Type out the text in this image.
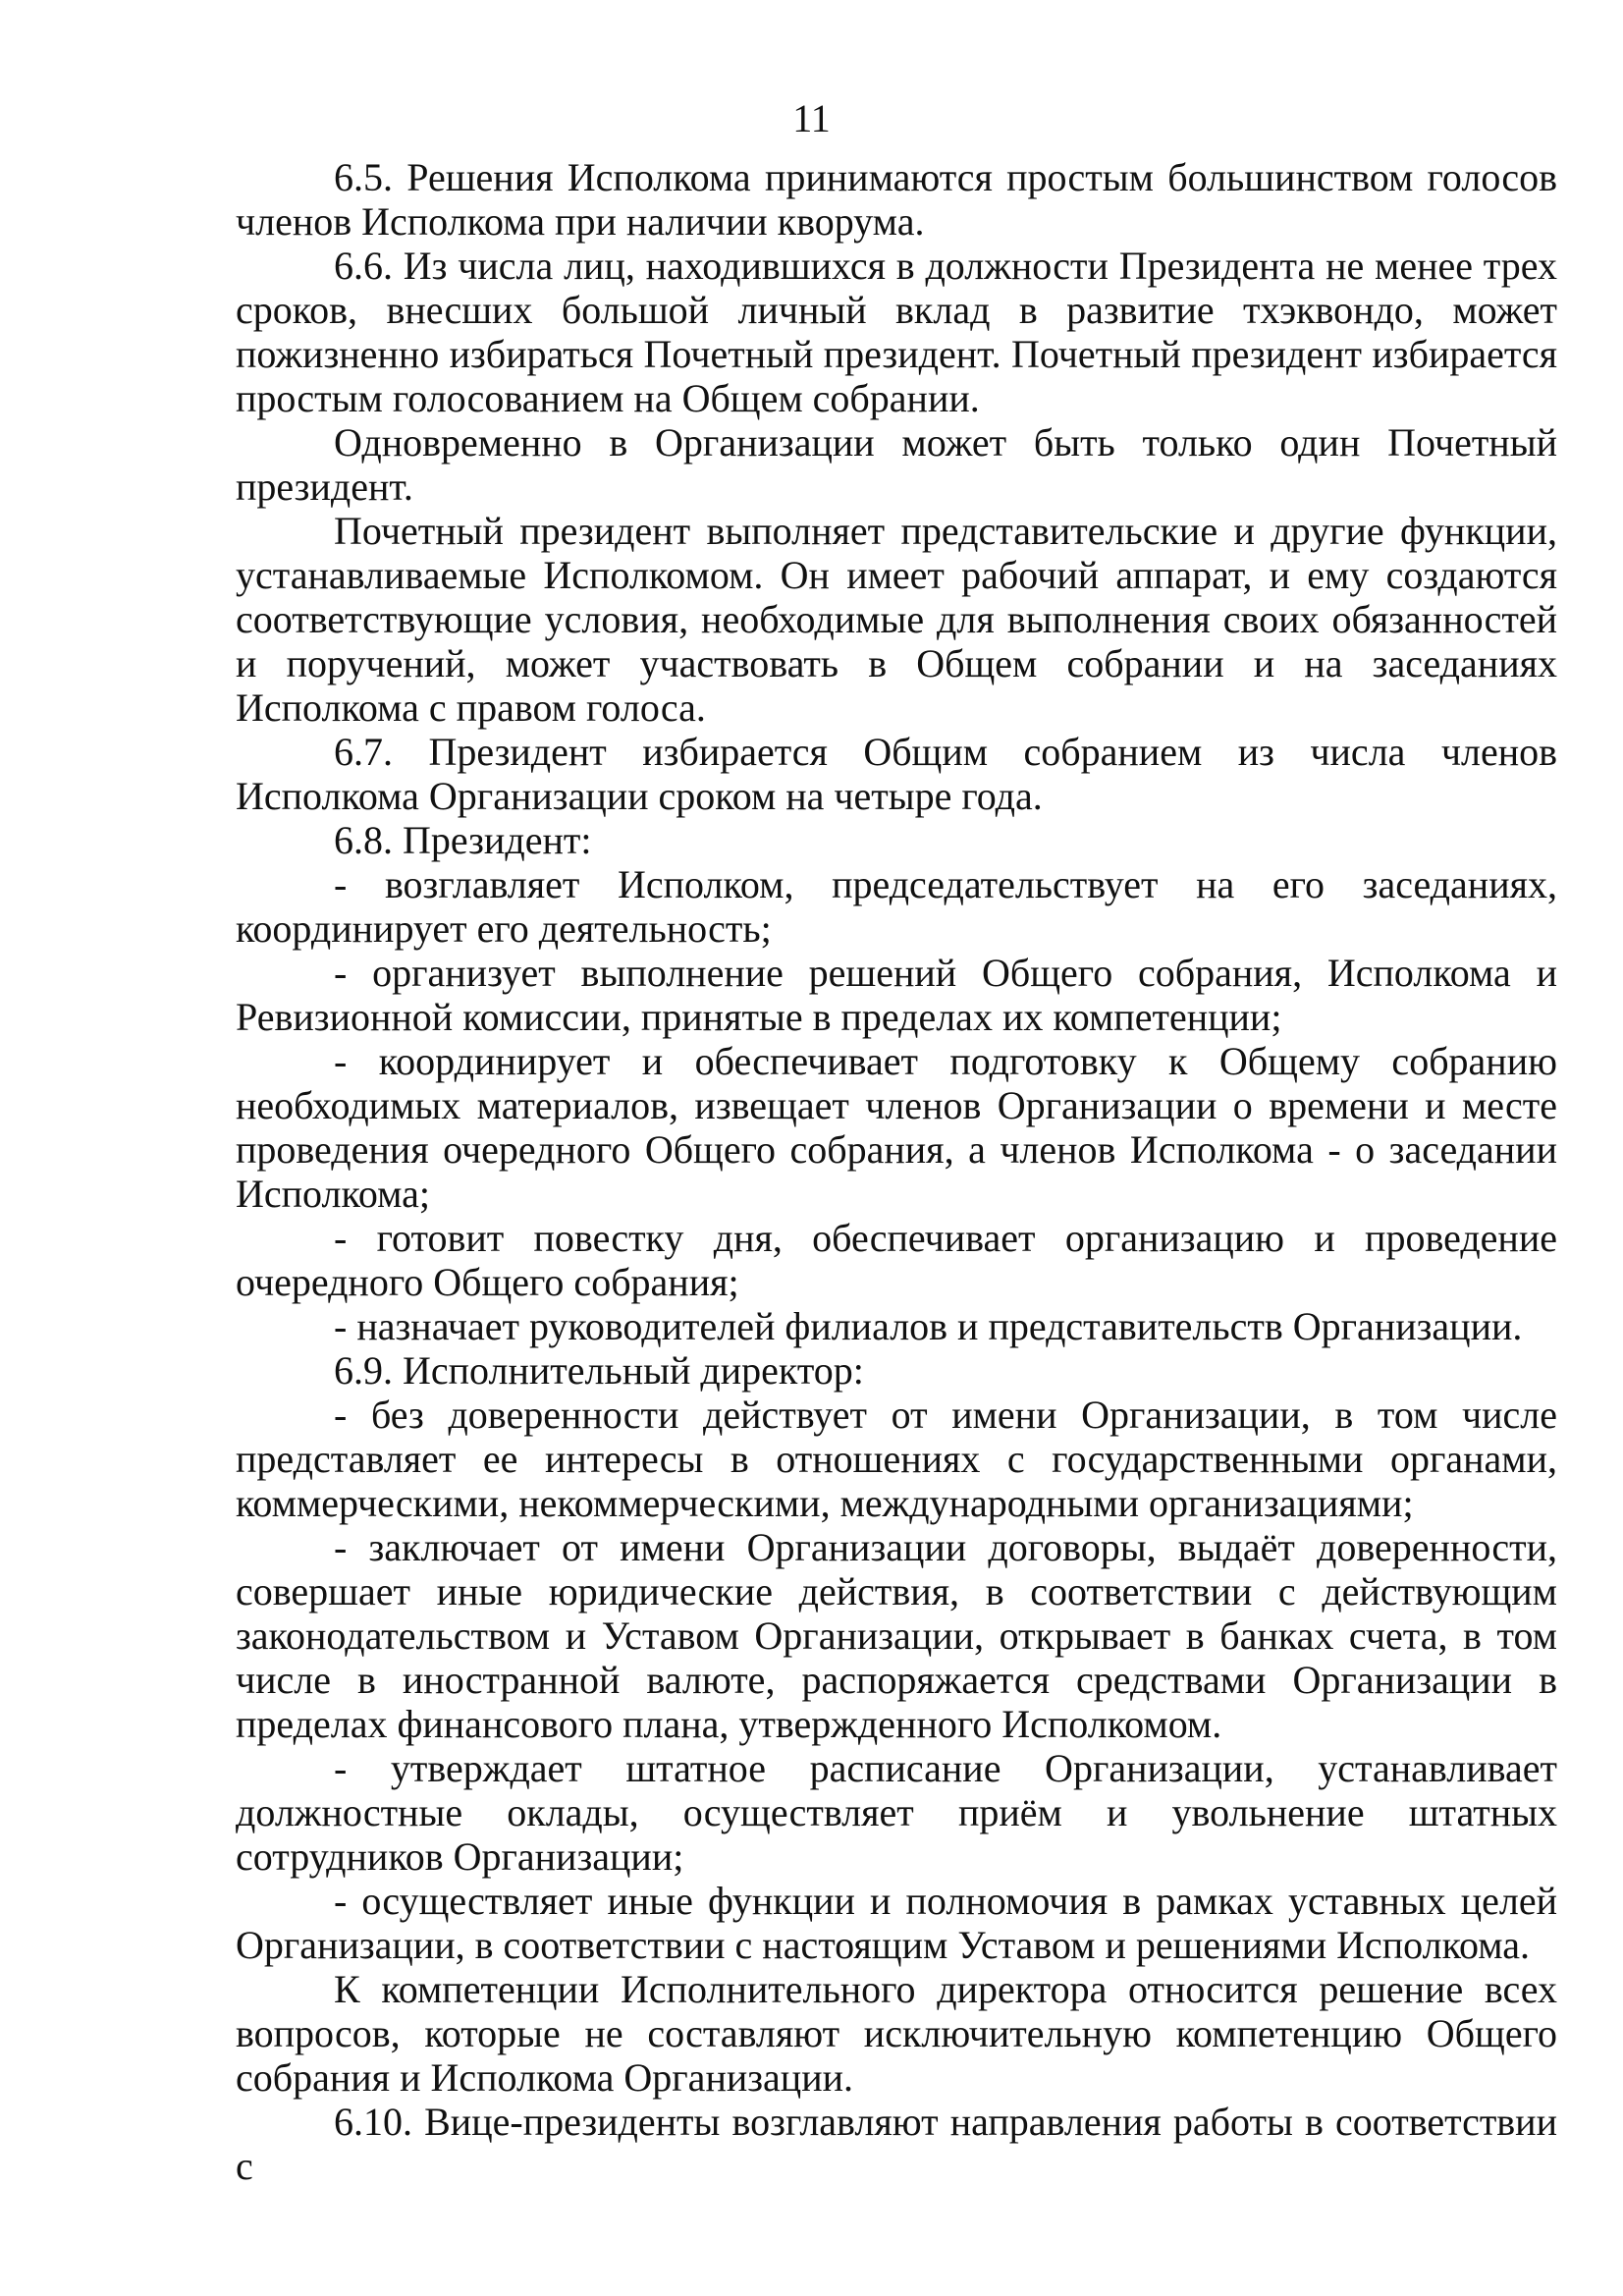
11

6.5. Решения Исполкома принимаются простым большинством голосов членов Исполкома при наличии кворума.

6.6. Из числа лиц, находившихся в должности Президента не менее трех сроков, внесших большой личный вклад в развитие тхэквондо, может пожизненно избираться Почетный президент. Почетный президент избирается простым голосованием на Общем собрании.

Одновременно в Организации может быть только один Почетный президент.

Почетный президент выполняет представительские и другие функции, устанавливаемые Исполкомом. Он имеет рабочий аппарат, и ему создаются соответствующие условия, необходимые для выполнения своих обязанностей и поручений, может участвовать в Общем собрании и на заседаниях Исполкома с правом голоса.

6.7. Президент избирается Общим собранием из числа членов Исполкома Организации сроком на четыре года.

6.8. Президент:

- возглавляет Исполком, председательствует на его заседаниях, координирует его деятельность;

- организует выполнение решений Общего собрания, Исполкома и Ревизионной комиссии, принятые в пределах их компетенции;

- координирует и обеспечивает подготовку к Общему собранию необходимых материалов, извещает членов Организации о времени и месте проведения очередного Общего собрания, а членов Исполкома - о заседании Исполкома;

- готовит повестку дня, обеспечивает организацию и проведение очередного Общего собрания;

- назначает руководителей филиалов и представительств Организации.

6.9. Исполнительный директор:

- без доверенности действует от имени Организации, в том числе представляет ее интересы в отношениях с государственными органами, коммерческими, некоммерческими, международными организациями;

- заключает от имени Организации договоры, выдаёт доверенности, совершает иные юридические действия, в соответствии с действующим законодательством и Уставом Организации, открывает в банках счета, в том числе в иностранной валюте, распоряжается средствами Организации в пределах финансового плана, утвержденного Исполкомом.

- утверждает штатное расписание Организации, устанавливает должностные оклады, осуществляет приём и увольнение штатных сотрудников Организации;

- осуществляет иные функции и полномочия в рамках уставных целей Организации, в соответствии с настоящим Уставом и решениями Исполкома.

К компетенции Исполнительного директора относится решение всех вопросов, которые не составляют исключительную компетенцию Общего собрания и Исполкома Организации.

6.10. Вице-президенты возглавляют направления работы в соответствии с
